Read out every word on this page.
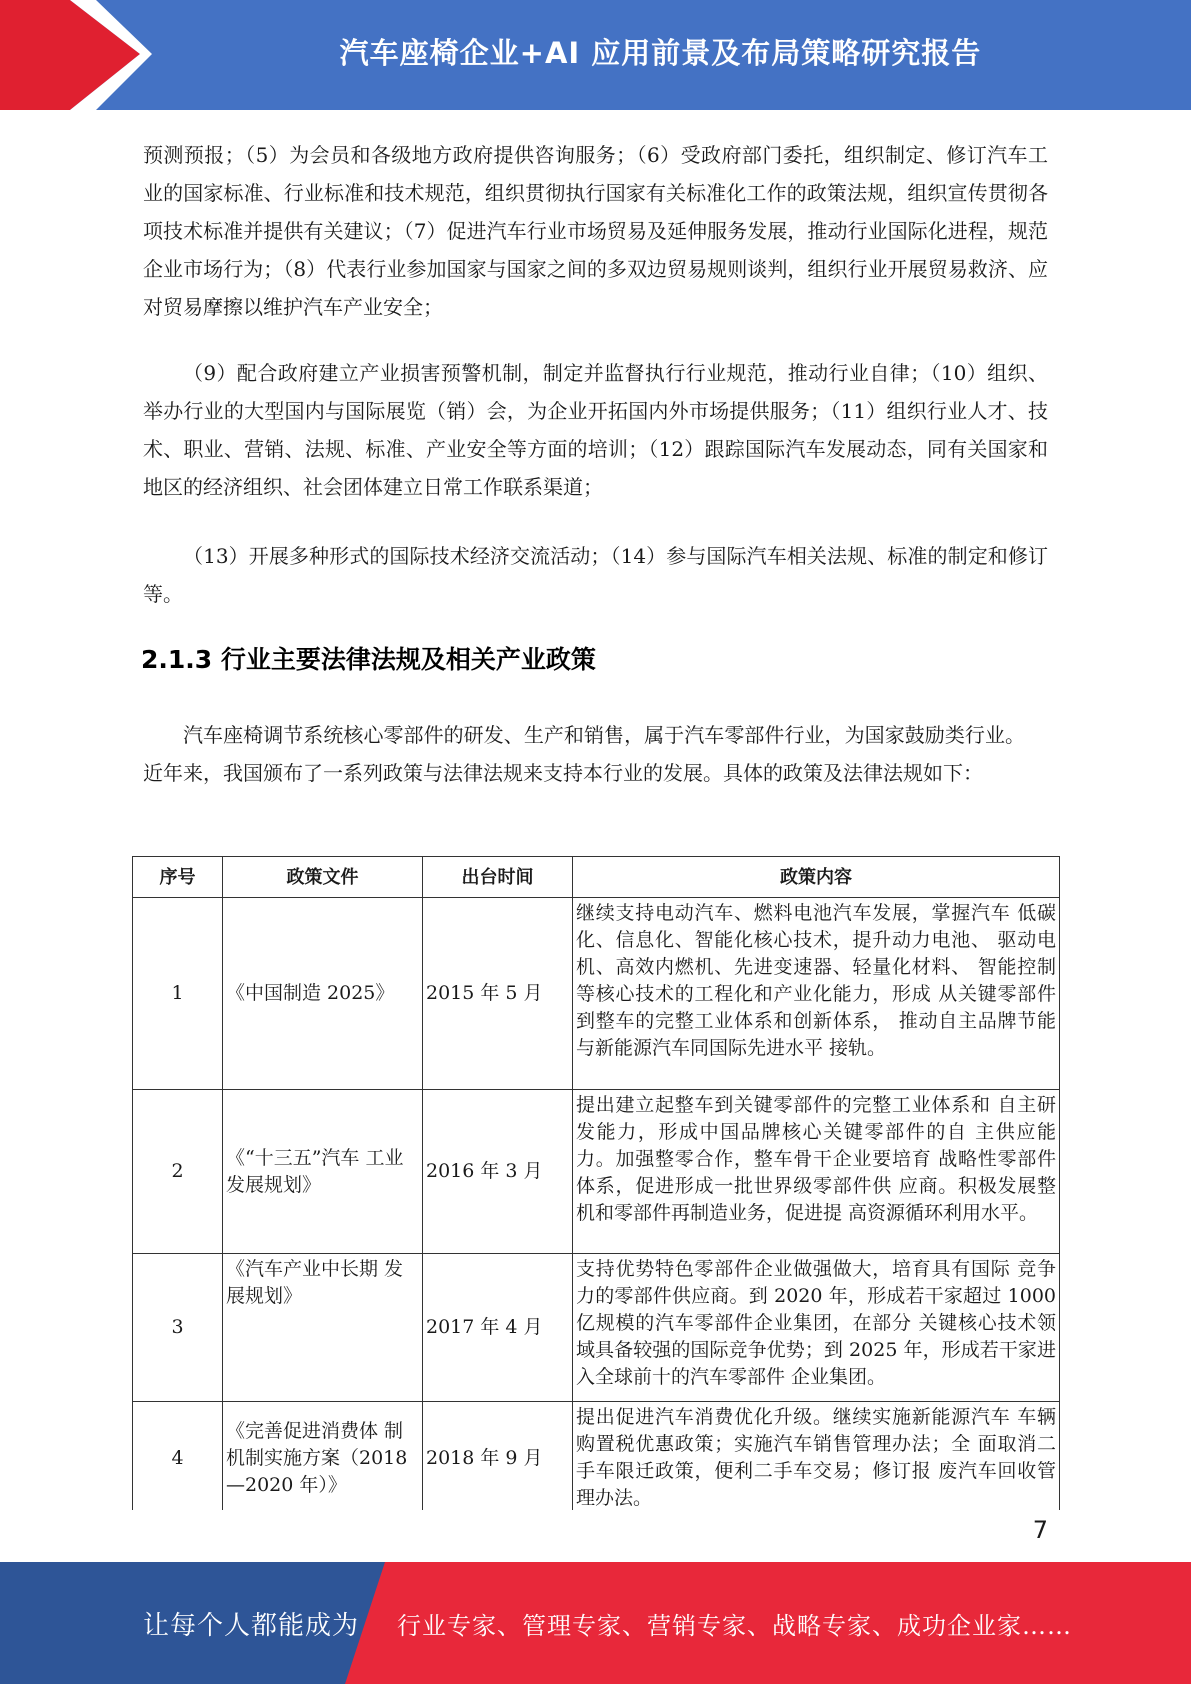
汽车座椅企业+AI 应用前景及布局策略研究报告

预测预报；（5）为会员和各级地方政府提供咨询服务；（6）受政府部门委托，组织制定、修订汽车工业的国家标准、行业标准和技术规范，组织贯彻执行国家有关标准化工作的政策法规，组织宣传贯彻各项技术标准并提供有关建议；（7）促进汽车行业市场贸易及延伸服务发展，推动行业国际化进程，规范企业市场行为；（8）代表行业参加国家与国家之间的多双边贸易规则谈判，组织行业开展贸易救济、应对贸易摩擦以维护汽车产业安全；

（9）配合政府建立产业损害预警机制，制定并监督执行行业规范，推动行业自律；（10）组织、举办行业的大型国内与国际展览（销）会，为企业开拓国内外市场提供服务；（11）组织行业人才、技术、职业、营销、法规、标准、产业安全等方面的培训；（12）跟踪国际汽车发展动态，同有关国家和地区的经济组织、社会团体建立日常工作联系渠道；

（13）开展多种形式的国际技术经济交流活动；（14）参与国际汽车相关法规、标准的制定和修订等。

2.1.3 行业主要法律法规及相关产业政策

汽车座椅调节系统核心零部件的研发、生产和销售，属于汽车零部件行业，为国家鼓励类行业。近年来，我国颁布了一系列政策与法律法规来支持本行业的发展。具体的政策及法律法规如下：

序号	政策文件	出台时间	政策内容
1	《中国制造 2025》	2015 年 5 月	继续支持电动汽车、燃料电池汽车发展，掌握汽车 低碳化、信息化、智能化核心技术，提升动力电池、 驱动电机、高效内燃机、先进变速器、轻量化材料、 智能控制等核心技术的工程化和产业化能力，形成 从关键零部件到整车的完整工业体系和创新体系， 推动自主品牌节能与新能源汽车同国际先进水平 接轨。
2	《“十三五”汽车 工业发展规划》	2016 年 3 月	提出建立起整车到关键零部件的完整工业体系和 自主研发能力，形成中国品牌核心关键零部件的自 主供应能力。加强整零合作，整车骨干企业要培育 战略性零部件体系，促进形成一批世界级零部件供 应商。积极发展整机和零部件再制造业务，促进提 高资源循环利用水平。
3	《汽车产业中长期 发展规划》	2017 年 4 月	支持优势特色零部件企业做强做大，培育具有国际 竞争力的零部件供应商。到 2020 年，形成若干家超过 1000 亿规模的汽车零部件企业集团，在部分 关键核心技术领域具备较强的国际竞争优势；到 2025 年，形成若干家进入全球前十的汽车零部件 企业集团。
4	《完善促进消费体 制机制实施方案（2018—2020 年）》	2018 年 9 月	提出促进汽车消费优化升级。继续实施新能源汽车 车辆购置税优惠政策；实施汽车销售管理办法；全 面取消二手车限迁政策，便利二手车交易；修订报 废汽车回收管理办法。
7
让每个人都能成为 行业专家、管理专家、营销专家、战略专家、成功企业家……
